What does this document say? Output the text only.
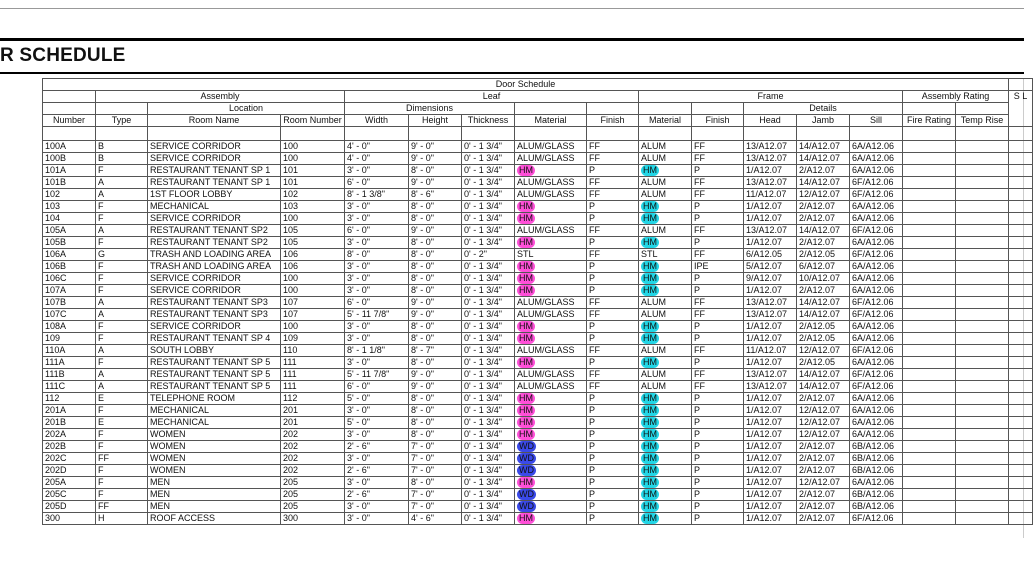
R SCHEDULE
Door Schedule																
	Assembly			Leaf					Frame					Assembly Rating		S L
		Location		Dimensions							Details					
Number	Type	Room Name	Room Number	Width	Height	Thickness	Material	Finish	Material	Finish	Head	Jamb	Sill	Fire Rating	Temp Rise	

100A	B	SERVICE CORRIDOR	100	4' - 0"	9' - 0"	0' - 1 3/4"	ALUM/GLASS	FF	ALUM	FF	13/A12.07	14/A12.07	6A/A12.06			
100B	B	SERVICE CORRIDOR	100	4' - 0"	9' - 0"	0' - 1 3/4"	ALUM/GLASS	FF	ALUM	FF	13/A12.07	14/A12.07	6A/A12.06			
101A	F	RESTAURANT TENANT SP 1	101	3' - 0"	8' - 0"	0' - 1 3/4"	HM	P	HM	P	1/A12.07	2/A12.07	6A/A12.06			
101B	A	RESTAURANT TENANT SP 1	101	6' - 0"	9' - 0"	0' - 1 3/4"	ALUM/GLASS	FF	ALUM	FF	13/A12.07	14/A12.07	6F/A12.06			
102	A	1ST FLOOR LOBBY	102	8' - 1 3/8"	8' - 6"	0' - 1 3/4"	ALUM/GLASS	FF	ALUM	FF	11/A12.07	12/A12.07	6F/A12.06			
103	F	MECHANICAL	103	3' - 0"	8' - 0"	0' - 1 3/4"	HM	P	HM	P	1/A12.07	2/A12.07	6A/A12.06			
104	F	SERVICE CORRIDOR	100	3' - 0"	8' - 0"	0' - 1 3/4"	HM	P	HM	P	1/A12.07	2/A12.07	6A/A12.06			
105A	A	RESTAURANT TENANT SP2	105	6' - 0"	9' - 0"	0' - 1 3/4"	ALUM/GLASS	FF	ALUM	FF	13/A12.07	14/A12.07	6F/A12.06			
105B	F	RESTAURANT TENANT SP2	105	3' - 0"	8' - 0"	0' - 1 3/4"	HM	P	HM	P	1/A12.07	2/A12.07	6A/A12.06			
106A	G	TRASH AND LOADING AREA	106	8' - 0"	8' - 0"	0' - 2"	STL	FF	STL	FF	6/A12.05	2/A12.05	6F/A12.06			
106B	F	TRASH AND LOADING AREA	106	3' - 0"	8' - 0"	0' - 1 3/4"	HM	P	HM	IPE	5/A12.07	6/A12.07	6A/A12.06			
106C	F	SERVICE CORRIDOR	100	3' - 0"	8' - 0"	0' - 1 3/4"	HM	P	HM	P	9/A12.07	10/A12.07	6A/A12.06			
107A	F	SERVICE CORRIDOR	100	3' - 0"	8' - 0"	0' - 1 3/4"	HM	P	HM	P	1/A12.07	2/A12.07	6A/A12.06			
107B	A	RESTAURANT TENANT SP3	107	6' - 0"	9' - 0"	0' - 1 3/4"	ALUM/GLASS	FF	ALUM	FF	13/A12.07	14/A12.07	6F/A12.06			
107C	A	RESTAURANT TENANT SP3	107	5' - 11 7/8"	9' - 0"	0' - 1 3/4"	ALUM/GLASS	FF	ALUM	FF	13/A12.07	14/A12.07	6F/A12.06			
108A	F	SERVICE CORRIDOR	100	3' - 0"	8' - 0"	0' - 1 3/4"	HM	P	HM	P	1/A12.07	2/A12.05	6A/A12.06			
109	F	RESTAURANT TENANT SP 4	109	3' - 0"	8' - 0"	0' - 1 3/4"	HM	P	HM	P	1/A12.07	2/A12.05	6A/A12.06			
110A	A	SOUTH LOBBY	110	8' - 1 1/8"	8' - 7"	0' - 1 3/4"	ALUM/GLASS	FF	ALUM	FF	11/A12.07	12/A12.07	6F/A12.06			
111A	F	RESTAURANT TENANT SP 5	111	3' - 0"	8' - 0"	0' - 1 3/4"	HM	P	HM	P	1/A12.07	2/A12.05	6A/A12.06			
111B	A	RESTAURANT TENANT SP 5	111	5' - 11 7/8"	9' - 0"	0' - 1 3/4"	ALUM/GLASS	FF	ALUM	FF	13/A12.07	14/A12.07	6F/A12.06			
111C	A	RESTAURANT TENANT SP 5	111	6' - 0"	9' - 0"	0' - 1 3/4"	ALUM/GLASS	FF	ALUM	FF	13/A12.07	14/A12.07	6F/A12.06			
112	E	TELEPHONE ROOM	112	5' - 0"	8' - 0"	0' - 1 3/4"	HM	P	HM	P	1/A12.07	2/A12.07	6A/A12.06			
201A	F	MECHANICAL	201	3' - 0"	8' - 0"	0' - 1 3/4"	HM	P	HM	P	1/A12.07	12/A12.07	6A/A12.06			
201B	E	MECHANICAL	201	5' - 0"	8' - 0"	0' - 1 3/4"	HM	P	HM	P	1/A12.07	12/A12.07	6A/A12.06			
202A	F	WOMEN	202	3' - 0"	8' - 0"	0' - 1 3/4"	HM	P	HM	P	1/A12.07	12/A12.07	6A/A12.06			
202B	F	WOMEN	202	2' - 6"	7' - 0"	0' - 1 3/4"	WD	P	HM	P	1/A12.07	2/A12.07	6B/A12.06			
202C	FF	WOMEN	202	3' - 0"	7' - 0"	0' - 1 3/4"	WD	P	HM	P	1/A12.07	2/A12.07	6B/A12.06			
202D	F	WOMEN	202	2' - 6"	7' - 0"	0' - 1 3/4"	WD	P	HM	P	1/A12.07	2/A12.07	6B/A12.06			
205A	F	MEN	205	3' - 0"	8' - 0"	0' - 1 3/4"	HM	P	HM	P	1/A12.07	12/A12.07	6A/A12.06			
205C	F	MEN	205	2' - 6"	7' - 0"	0' - 1 3/4"	WD	P	HM	P	1/A12.07	2/A12.07	6B/A12.06			
205D	FF	MEN	205	3' - 0"	7' - 0"	0' - 1 3/4"	WD	P	HM	P	1/A12.07	2/A12.07	6B/A12.06			
300	H	ROOF ACCESS	300	3' - 0"	4' - 6"	0' - 1 3/4"	HM	P	HM	P	1/A12.07	2/A12.07	6F/A12.06			
